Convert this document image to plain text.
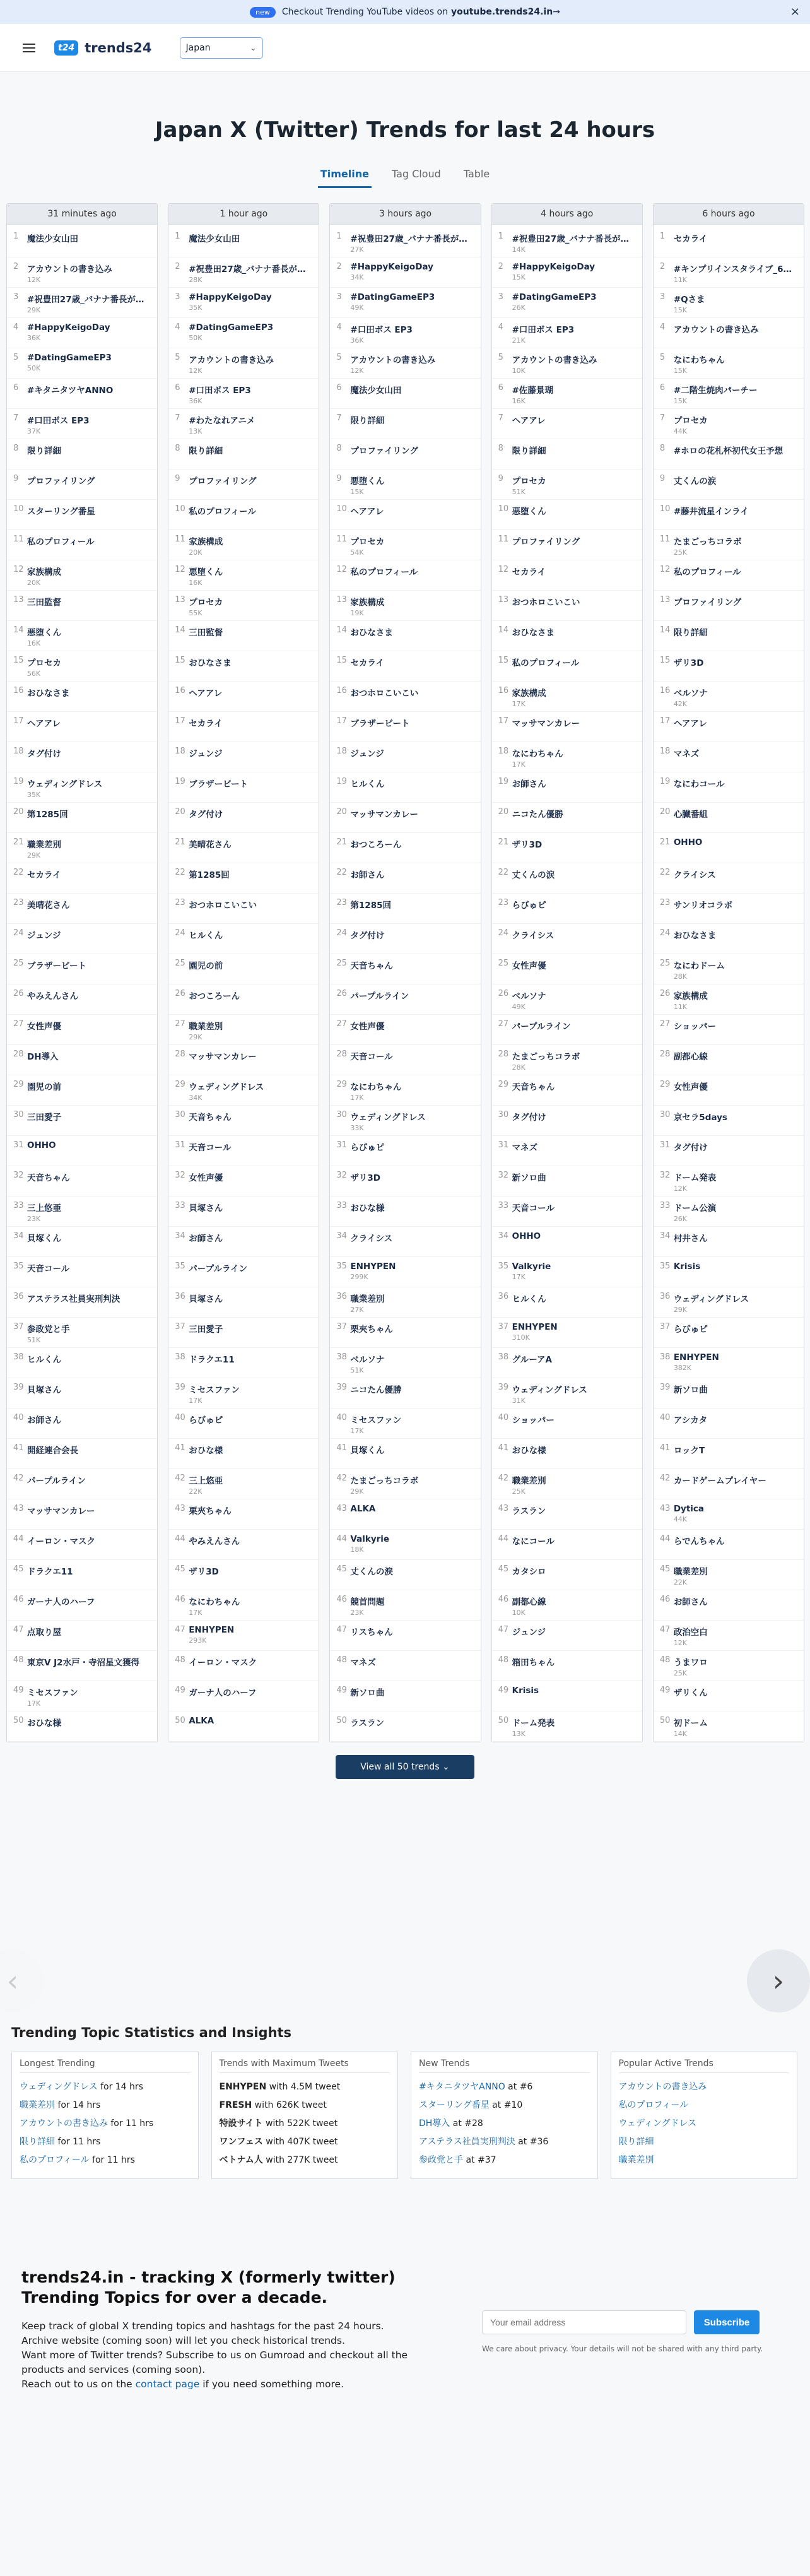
new	Checkout Trending YouTube videos on youtube.trends24.in →	×
t24 trends24	Japan	⌄
Japan X (Twitter) Trends for last 24 hours
Timeline Tag Cloud Table
31 minutes ago
1	魔法少女山田
2	アカウントの書き込み
12K
3	#祝豊田27歳_バナナ番長が…
29K
4	#HappyKeigoDay
36K
5	#DatingGameEP3
50K
6	#キタニタツヤANNO
7	#口田ボス EP3
37K
8	限り詳細
9	プロファイリング
10 スターリング番星
11 私のプロフィール
12 家族構成
20K
13 三田監督
14 悪堕くん
16K
15 プロセカ
56K
16 おひなさま
17 ヘアアレ
18 タグ付け
19 ウェディングドレス
35K
20 第1285回
21 職業差別
29K
22 セカライ
23 美晴花さん
24 ジュンジ
25 ブラザービート
26 やみえんさん
27 女性声優
28 DH導入
29 園児の前
30 三田愛子
31 OHHO
32 天音ちゃん
33 三上悠亜
23K
34 貝塚くん
35 天音コール
36 アステラス社員実刑判決
37 参政党と手
51K
38 ヒルくん
39 貝塚さん
40 お師さん
41 開経連合会長
42 パープルライン
43 マッサマンカレー
44 イーロン・マスク
45 ドラクエ11
46 ガーナ人のハーフ
47 点取り屋
48 東京V J2水戸・寺沼星文獲得
49 ミセスファン
17K
50 おひな様
1 hour ago
1	魔法少女山田
2	#祝豊田27歳_バナナ番長が…
28K
3	#HappyKeigoDay
35K
4	#DatingGameEP3
50K
5	アカウントの書き込み
12K
6	#口田ボス EP3
36K
7	#わたなれアニメ
13K
8	限り詳細
9	プロファイリング
10 私のプロフィール
11 家族構成
20K
12 悪堕くん
16K
13 プロセカ
55K
14 三田監督
15 おひなさま
16 ヘアアレ
17 セカライ
18 ジュンジ
19 ブラザービート
20 タグ付け
21 美晴花さん
22 第1285回
23 おつホロこいこい
24 ヒルくん
25 園児の前
26 おつころーん
27 職業差別
29K
28 マッサマンカレー
29 ウェディングドレス
34K
30 天音ちゃん
31 天音コール
32 女性声優
33 貝塚さん
34 お師さん
35 パープルライン
36 貝塚さん
37 三田愛子
38 ドラクエ11
39 ミセスファン
17K
40 らびゅピ
41 おひな様
42 三上悠亜
22K
43 栗夾ちゃん
44 やみえんさん
45 ザリ3D
46 なにわちゃん
17K
47 ENHYPEN
293K
48 イーロン・マスク
49 ガーナ人のハーフ
50 ALKA
3 hours ago
1	#祝豊田27歳_バナナ番長が…
27K
2	#HappyKeigoDay
34K
3	#DatingGameEP3
49K
4	#口田ボス EP3
36K
5	アカウントの書き込み
12K
6	魔法少女山田
7	限り詳細
8	プロファイリング
9	悪堕くん
15K
10 ヘアアレ
11 プロセカ
54K
12 私のプロフィール
13 家族構成
19K
14 おひなさま
15 セカライ
16 おつホロこいこい
17 ブラザービート
18 ジュンジ
19 ヒルくん
20 マッサマンカレー
21 おつころーん
22 お師さん
23 第1285回
24 タグ付け
25 天音ちゃん
26 パープルライン
27 女性声優
28 天音コール
29 なにわちゃん
17K
30 ウェディングドレス
33K
31 らびゅピ
32 ザリ3D
33 おひな様
34 クライシス
35 ENHYPEN
299K
36 職業差別
27K
37 栗夾ちゃん
38 ベルソナ
51K
39 ニコたん優勝
40 ミセスファン
17K
41 貝塚くん
42 たまごっちコラボ
29K
43 ALKA
44 Valkyrie
18K
45 丈くんの涙
46 競首問題
23K
47 リスちゃん
48 マネズ
49 新ソロ曲
50 ラスラン
4 hours ago
1	#祝豊田27歳_バナナ番長が…
14K
2	#HappyKeigoDay
15K
3	#DatingGameEP3
26K
4	#口田ボス EP3
21K
5	アカウントの書き込み
10K
6	#佐藤景瑚
16K
7	ヘアアレ
8	限り詳細
9	プロセカ
51K
10 悪堕くん
11 プロファイリング
12 セカライ
13 おつホロこいこい
14 おひなさま
15 私のプロフィール
16 家族構成
17K
17 マッサマンカレー
18 なにわちゃん
17K
19 お師さん
20 ニコたん優勝
21 ザリ3D
22 丈くんの涙
23 らびゅピ
24 クライシス
25 女性声優
26 ベルソナ
49K
27 パープルライン
28 たまごっちコラボ
28K
29 天音ちゃん
30 タグ付け
31 マネズ
32 新ソロ曲
33 天音コール
34 OHHO
35 Valkyrie
17K
36 ヒルくん
37 ENHYPEN
310K
38 グルーアA
39 ウェディングドレス
31K
40 ショッパー
41 おひな様
42 職業差別
25K
43 ラスラン
44 なにコール
45 カタシロ
46 副都心線
10K
47 ジュンジ
48 箱田ちゃん
49 Krisis
50 ドーム発表
13K
6 hours ago
1	セカライ
2	#キンプリインスタライブ_6…
11K
3	#Qさま
15K
4	アカウントの書き込み
5	なにわちゃん
15K
6	#二階生焼肉パーチー
15K
7	プロセカ
44K
8	#ホロの花札杯初代女王予想
9	丈くんの涙
10 #藤井流星インライ
11 たまごっちコラボ
25K
12 私のプロフィール
13 プロファイリング
14 限り詳細
15 ザリ3D
16 ベルソナ
42K
17 ヘアアレ
18 マネズ
19 なにわコール
20 心臓番組
21 OHHO
22 クライシス
23 サンリオコラボ
24 おひなさま
25 なにわドーム
28K
26 家族構成
11K
27 ショッパー
28 副都心線
29 女性声優
30 京セラ5days
31 タグ付け
32 ドーム発表
12K
33 ドーム公演
26K
34 村井さん
35 Krisis
36 ウェディングドレス
29K
37 らびゅピ
38 ENHYPEN
382K
39 新ソロ曲
40 アシカタ
41 ロックT
42 カードゲームプレイヤー
43 Dytica
44K
44 らでんちゃん
45 職業差別
22K
46 お師さん
47 政治空白
12K
48 うまワロ
25K
49 ザリくん
50 初ドーム
14K
View all 50 trends ⌄
‹	›
Trending Topic Statistics and Insights
Longest Trending
ウェディングドレス for 14 hrs
職業差別 for 14 hrs
アカウントの書き込み for 11 hrs
限り詳細 for 11 hrs
私のプロフィール for 11 hrs
Trends with Maximum Tweets
ENHYPEN with 4.5M tweet
FRESH with 626K tweet
特設サイト with 522K tweet
ワンフェス with 407K tweet
ベトナム人 with 277K tweet
New Trends
#キタニタツヤANNO at #6
スターリング番星 at #10
DH導入 at #28
アステラス社員実刑判決 at #36
参政党と手 at #37
Popular Active Trends
アカウントの書き込み
私のプロフィール
ウェディングドレス
限り詳細
職業差別
trends24.in - tracking X (formerly twitter) Trending Topics for over a decade.

Keep track of global X trending topics and hashtags for the past 24 hours.
Archive website (coming soon) will let you check historical trends.
Want more of Twitter trends? Subscribe to us on Gumroad and checkout all the products and services (coming soon).
Reach out to us on the contact page if you need something more.

Your email address
Subscribe
We care about privacy. Your details will not be shared with any third party.
